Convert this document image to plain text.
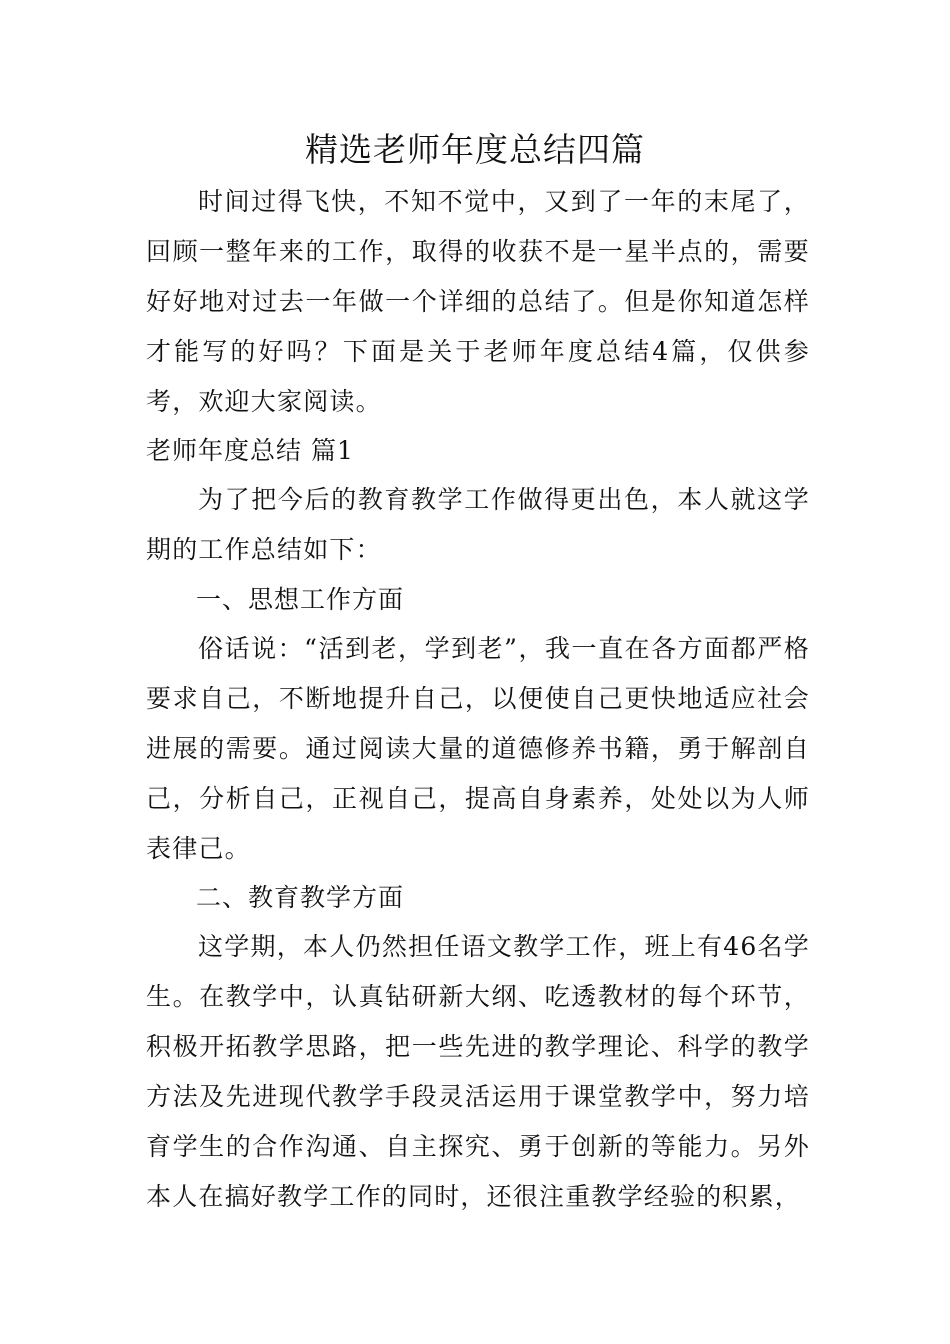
精选老师年度总结四篇

时间过得飞快，不知不觉中，又到了一年的末尾了，回顾一整年来的工作，取得的收获不是一星半点的，需要好好地对过去一年做一个详细的总结了。但是你知道怎样才能写的好吗？下面是关于老师年度总结4篇，仅供参考，欢迎大家阅读。

老师年度总结 篇1

为了把今后的教育教学工作做得更出色，本人就这学期的工作总结如下：

一、思想工作方面

俗话说：“活到老，学到老”，我一直在各方面都严格要求自己，不断地提升自己，以便使自己更快地适应社会进展的需要。通过阅读大量的道德修养书籍，勇于解剖自己，分析自己，正视自己，提高自身素养，处处以为人师表律己。

二、教育教学方面

这学期，本人仍然担任语文教学工作，班上有46名学生。在教学中，认真钻研新大纲、吃透教材的每个环节，积极开拓教学思路，把一些先进的教学理论、科学的教学方法及先进现代教学手段灵活运用于课堂教学中，努力培育学生的合作沟通、自主探究、勇于创新的等能力。另外本人在搞好教学工作的同时，还很注重教学经验的积累，
